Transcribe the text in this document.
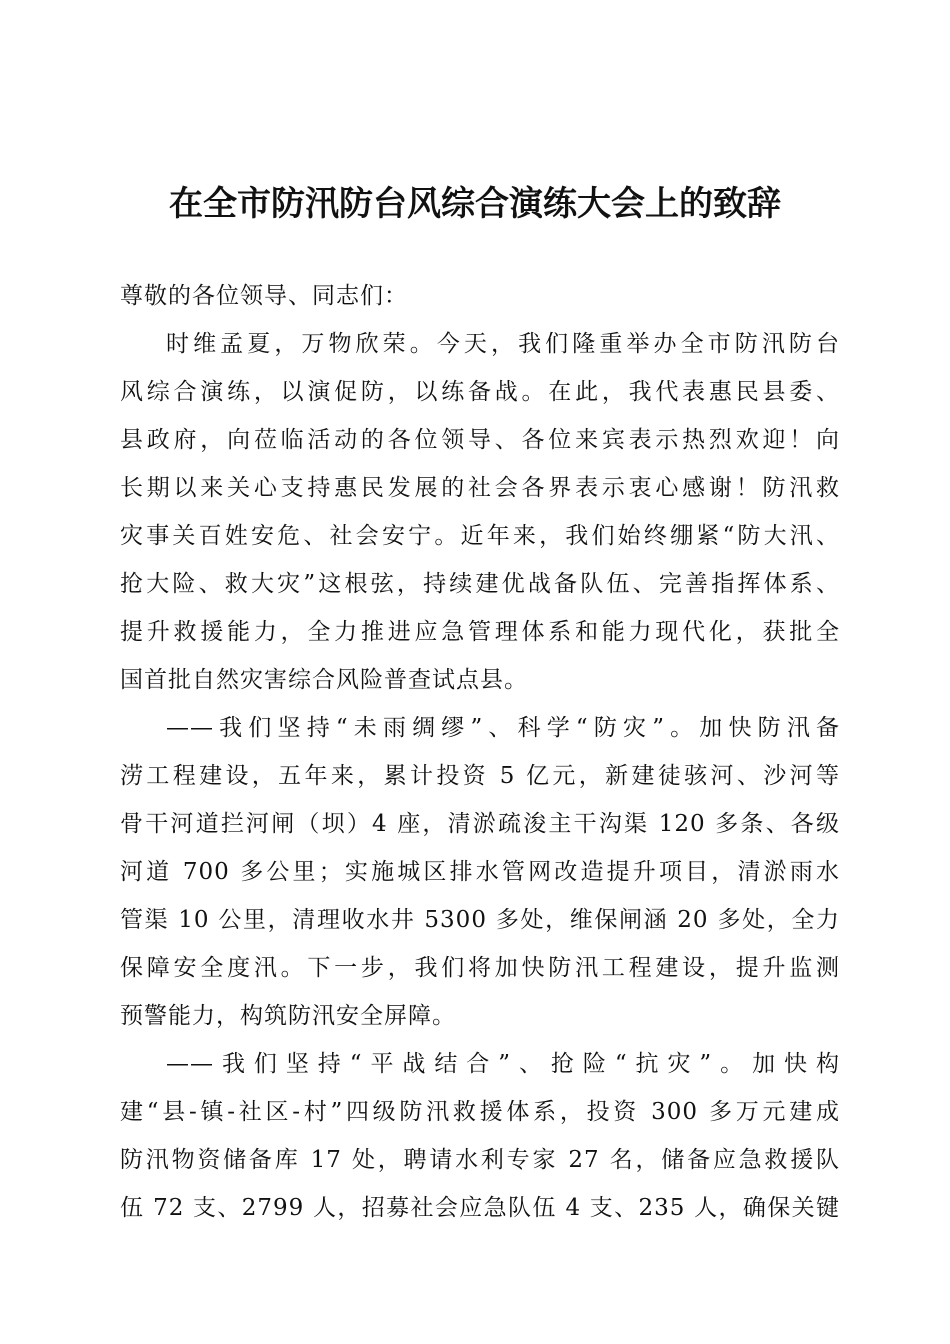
在全市防汛防台风综合演练大会上的致辞
尊敬的各位领导、同志们：
时维孟夏，万物欣荣。今天，我们隆重举办全市防汛防台
风综合演练，以演促防，以练备战。在此，我代表惠民县委、
县政府，向莅临活动的各位领导、各位来宾表示热烈欢迎！向
长期以来关心支持惠民发展的社会各界表示衷心感谢！防汛救
灾事关百姓安危、社会安宁。近年来，我们始终绷紧“防大汛、
抢大险、救大灾”这根弦，持续建优战备队伍、完善指挥体系、
提升救援能力，全力推进应急管理体系和能力现代化，获批全
国首批自然灾害综合风险普查试点县。
——我们坚持“未雨绸缪”、科学“防灾”。加快防汛备
涝工程建设，五年来，累计投资 5 亿元，新建徒骇河、沙河等
骨干河道拦河闸（坝）4 座，清淤疏浚主干沟渠 120 多条、各级
河道 700 多公里；实施城区排水管网改造提升项目，清淤雨水
管渠 10 公里，清理收水井 5300 多处，维保闸涵 20 多处，全力
保障安全度汛。下一步，我们将加快防汛工程建设，提升监测
预警能力，构筑防汛安全屏障。
——我们坚持“平战结合”、抢险“抗灾”。加快构
建“县-镇-社区-村”四级防汛救援体系，投资 300 多万元建成
防汛物资储备库 17 处，聘请水利专家 27 名，储备应急救援队
伍 72 支、2799 人，招募社会应急队伍 4 支、235 人，确保关键
